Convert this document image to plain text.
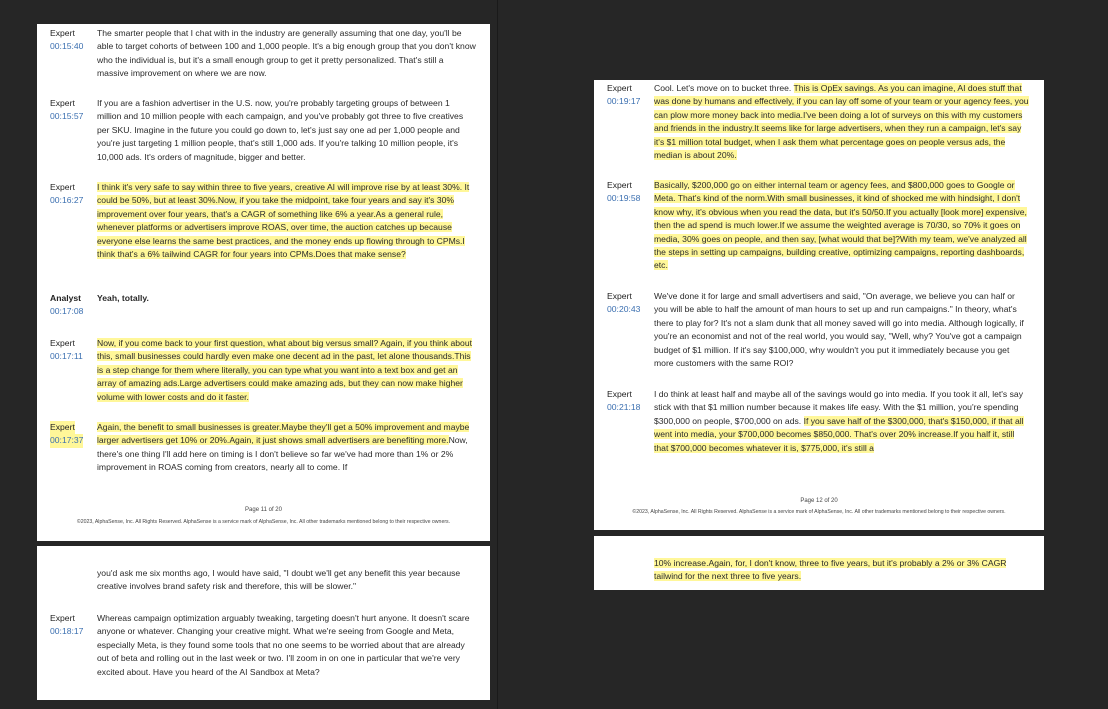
Expert
00:15:40
The smarter people that I chat with in the industry are generally assuming that one day, you'll be able to target cohorts of between 100 and 1,000 people. It's a big enough group that you don't know who the individual is, but it's a small enough group to get it pretty personalized. That's still a massive improvement on where we are now.
Expert
00:15:57
If you are a fashion advertiser in the U.S. now, you're probably targeting groups of between 1 million and 10 million people with each campaign, and you've probably got three to five creatives per SKU. Imagine in the future you could go down to, let's just say one ad per 1,000 people and you're just targeting 1 million people, that's still 1,000 ads. If you're talking 10 million people, it's 10,000 ads. It's orders of magnitude, bigger and better.
Expert
00:16:27
I think it's very safe to say within three to five years, creative AI will improve rise by at least 30%. It could be 50%, but at least 30%.Now, if you take the midpoint, take four years and say it's 30% improvement over four years, that's a CAGR of something like 6% a year.As a general rule, whenever platforms or advertisers improve ROAS, over time, the auction catches up because everyone else learns the same best practices, and the money ends up flowing through to CPMs.I think that's a 6% tailwind CAGR for four years into CPMs.Does that make sense?
Analyst
00:17:08
Yeah, totally.
Expert
00:17:11
Now, if you come back to your first question, what about big versus small? Again, if you think about this, small businesses could hardly even make one decent ad in the past, let alone thousands.This is a step change for them where literally, you can type what you want into a text box and get an array of amazing ads.Large advertisers could make amazing ads, but they can now make higher volume with lower costs and do it faster.
Expert
00:17:37
Again, the benefit to small businesses is greater.Maybe they'll get a 50% improvement and maybe larger advertisers get 10% or 20%.Again, it just shows small advertisers are benefiting more.Now, there's one thing I'll add here on timing is I don't believe so far we've had more than 1% or 2% improvement in ROAS coming from creators, nearly all to come. If
Page 11 of 20
©2023, AlphaSense, Inc. All Rights Reserved. AlphaSense is a service mark of AlphaSense, Inc. All other trademarks mentioned belong to their respective owners.
you'd ask me six months ago, I would have said, "I doubt we'll get any benefit this year because creative involves brand safety risk and therefore, this will be slower."
Expert
00:18:17
Whereas campaign optimization arguably tweaking, targeting doesn't hurt anyone. It doesn't scare anyone or whatever. Changing your creative might. What we're seeing from Google and Meta, especially Meta, is they found some tools that no one seems to be worried about that are already out of beta and rolling out in the last week or two. I'll zoom in on one in particular that we're very excited about. Have you heard of the AI Sandbox at Meta?
Expert
00:19:17
Cool. Let's move on to bucket three. This is OpEx savings. As you can imagine, AI does stuff that was done by humans and effectively, if you can lay off some of your team or your agency fees, you can plow more money back into media.I've been doing a lot of surveys on this with my customers and friends in the industry.It seems like for large advertisers, when they run a campaign, let's say it's $1 million total budget, when I ask them what percentage goes on people versus ads, the median is about 20%.
Expert
00:19:58
Basically, $200,000 go on either internal team or agency fees, and $800,000 goes to Google or Meta. That's kind of the norm.With small businesses, it kind of shocked me with hindsight, I don't know why, it's obvious when you read the data, but it's 50/50.If you actually [look more] expensive, then the ad spend is much lower.If we assume the weighted average is 70/30, so 70% it goes on media, 30% goes on people, and then say, [what would that be]?With my team, we've analyzed all the steps in setting up campaigns, building creative, optimizing campaigns, reporting dashboards, etc.
Expert
00:20:43
We've done it for large and small advertisers and said, "On average, we believe you can half or you will be able to half the amount of man hours to set up and run campaigns." In theory, what's there to play for? It's not a slam dunk that all money saved will go into media. Although logically, if you're an economist and not of the real world, you would say, "Well, why? You've got a campaign budget of $1 million. If it's say $100,000, why wouldn't you put it immediately because you get more customers with the same ROI?
Expert
00:21:18
I do think at least half and maybe all of the savings would go into media. If you took it all, let's say stick with that $1 million number because it makes life easy. With the $1 million, you're spending $300,000 on people, $700,000 on ads. If you save half of the $300,000, that's $150,000, if that all went into media, your $700,000 becomes $850,000. That's over 20% increase.If you half it, still that $700,000 becomes whatever it is, $775,000, it's still a
Page 12 of 20
©2023, AlphaSense, Inc. All Rights Reserved. AlphaSense is a service mark of AlphaSense, Inc. All other trademarks mentioned belong to their respective owners.
10% increase.Again, for, I don't know, three to five years, but it's probably a 2% or 3% CAGR tailwind for the next three to five years.
